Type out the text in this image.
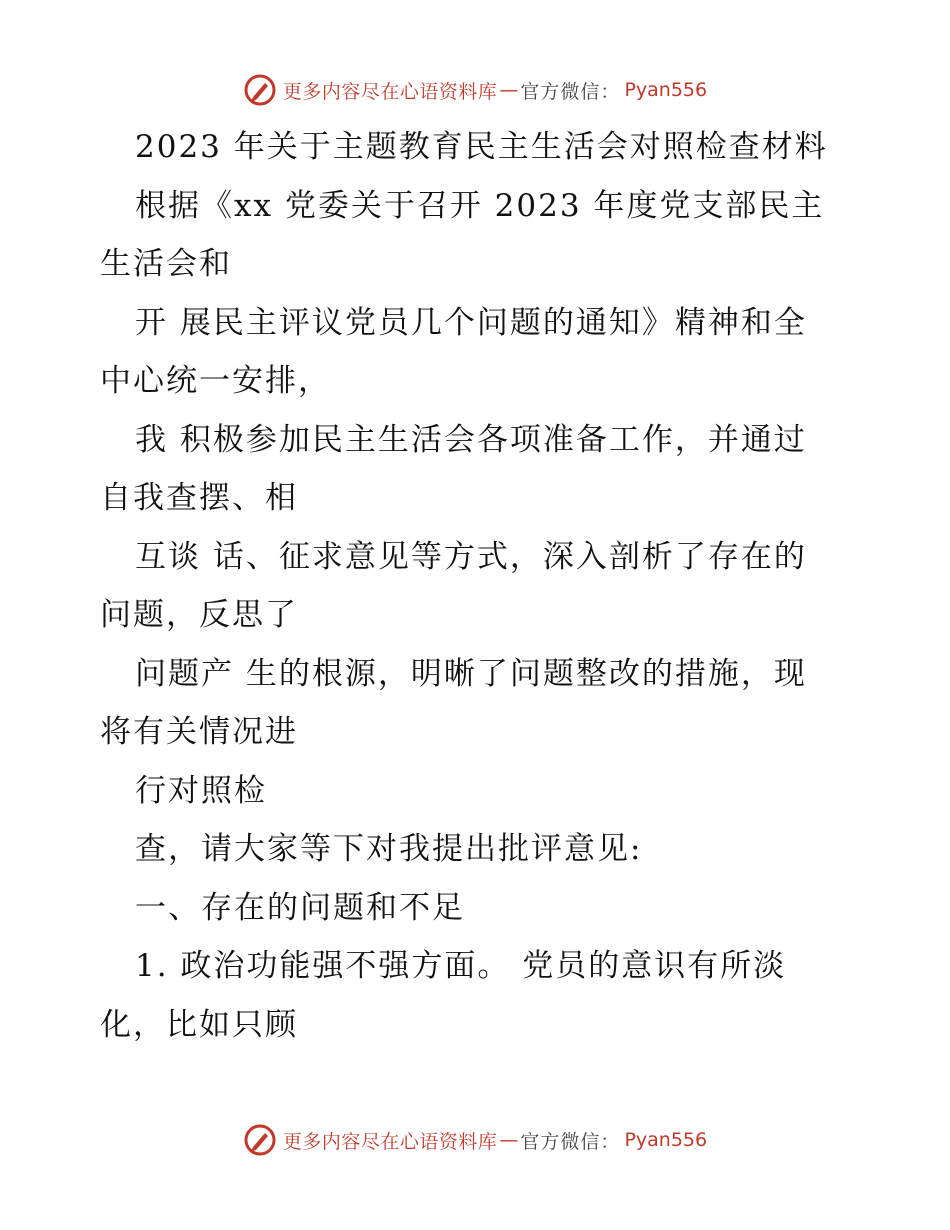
更多内容尽在心语资料库 — 官方微信： Pyan556
2023 年关于主题教育民主生活会对照检查材料
根据《xx 党委关于召开 2023 年度党支部民主
生活会和
开 展民主评议党员几个问题的通知》精神和全
中心统一安排，
我 积极参加民主生活会各项准备工作，并通过
自我查摆、相
互谈 话、征求意见等方式，深入剖析了存在的
问题，反思了
问题产 生的根源，明晰了问题整改的措施，现
将有关情况进
行对照检
查，请大家等下对我提出批评意见:
一、存在的问题和不足
1. 政治功能强不强方面。 党员的意识有所淡
化，比如只顾
更多内容尽在心语资料库 — 官方微信： Pyan556
